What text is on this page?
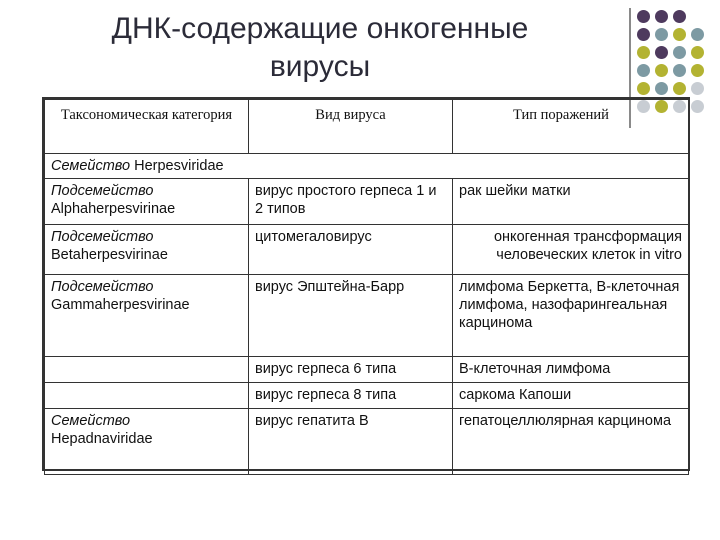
ДНК-содержащие онкогенные
вирусы
Таксономическая категория	Вид вируса	Тип поражений
Семейство Herpesviridae		
Подсемейство
Alphaherpesvirinae	вирус простого герпеса 1 и 2 типов	рак шейки матки
Подсемейство
Betaherpesvirinae	цитомегаловирус	онкогенная трансформация человеческих клеток in vitro
Подсемейство
Gammaherpesvirinae	вирус Эпштейна-Барр	лимфома Беркетта, В-клеточная лимфома, назофарингеальная карцинома
	вирус герпеса 6 типа	В-клеточная лимфома
	вирус герпеса 8 типа	саркома Капоши
Семейство
Hepadnaviridae	вирус гепатита В	гепатоцеллюлярная карцинома
